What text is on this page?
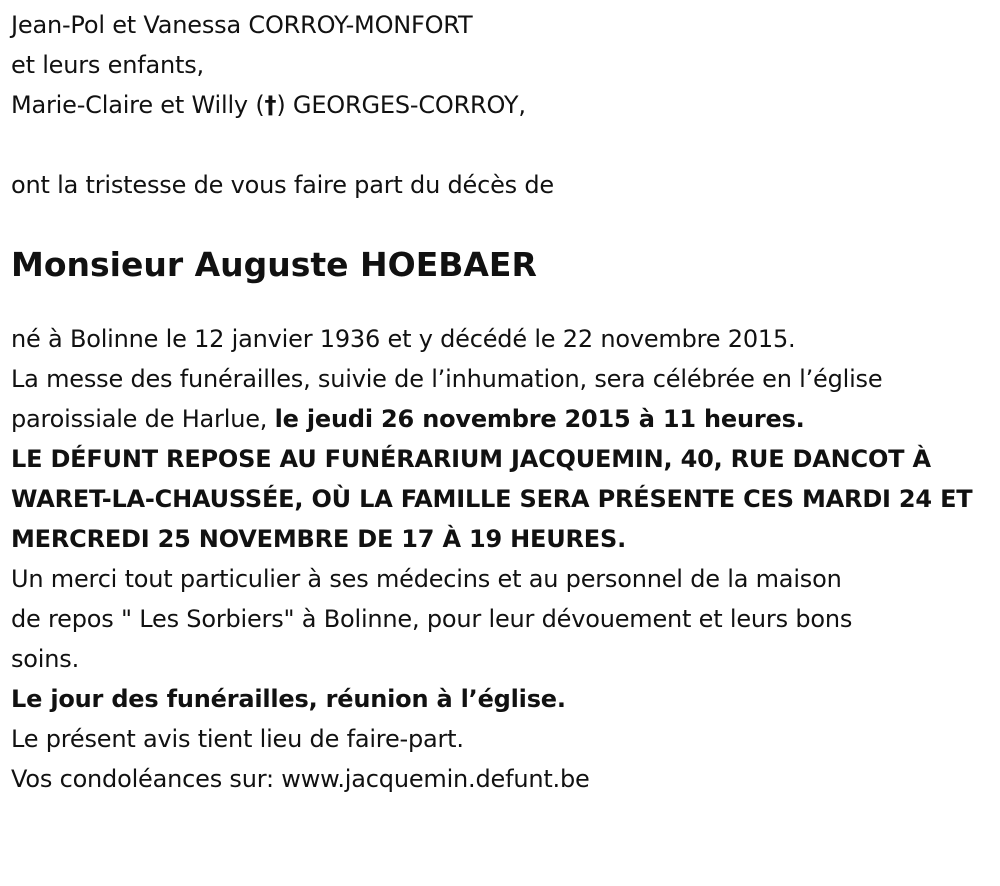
Jean-Pol et Vanessa CORROY-MONFORT
et leurs enfants,
Marie-Claire et Willy (†) GEORGES-CORROY,
ont la tristesse de vous faire part du décès de
Monsieur Auguste HOEBAER
né à Bolinne le 12 janvier 1936 et y décédé le 22 novembre 2015.
La messe des funérailles, suivie de l’inhumation, sera célébrée en l’église
paroissiale de Harlue, le jeudi 26 novembre 2015 à 11 heures.
LE DÉFUNT REPOSE AU FUNÉRARIUM JACQUEMIN, 40, RUE DANCOT À
WARET-LA-CHAUSSÉE, OÙ LA FAMILLE SERA PRÉSENTE CES MARDI 24 ET
MERCREDI 25 NOVEMBRE DE 17 À 19 HEURES.
Un merci tout particulier à ses médecins et au personnel de la maison
de repos " Les Sorbiers" à Bolinne, pour leur dévouement et leurs bons
soins.
Le jour des funérailles, réunion à l’église.
Le présent avis tient lieu de faire-part.
Vos condoléances sur: www.jacquemin.defunt.be
